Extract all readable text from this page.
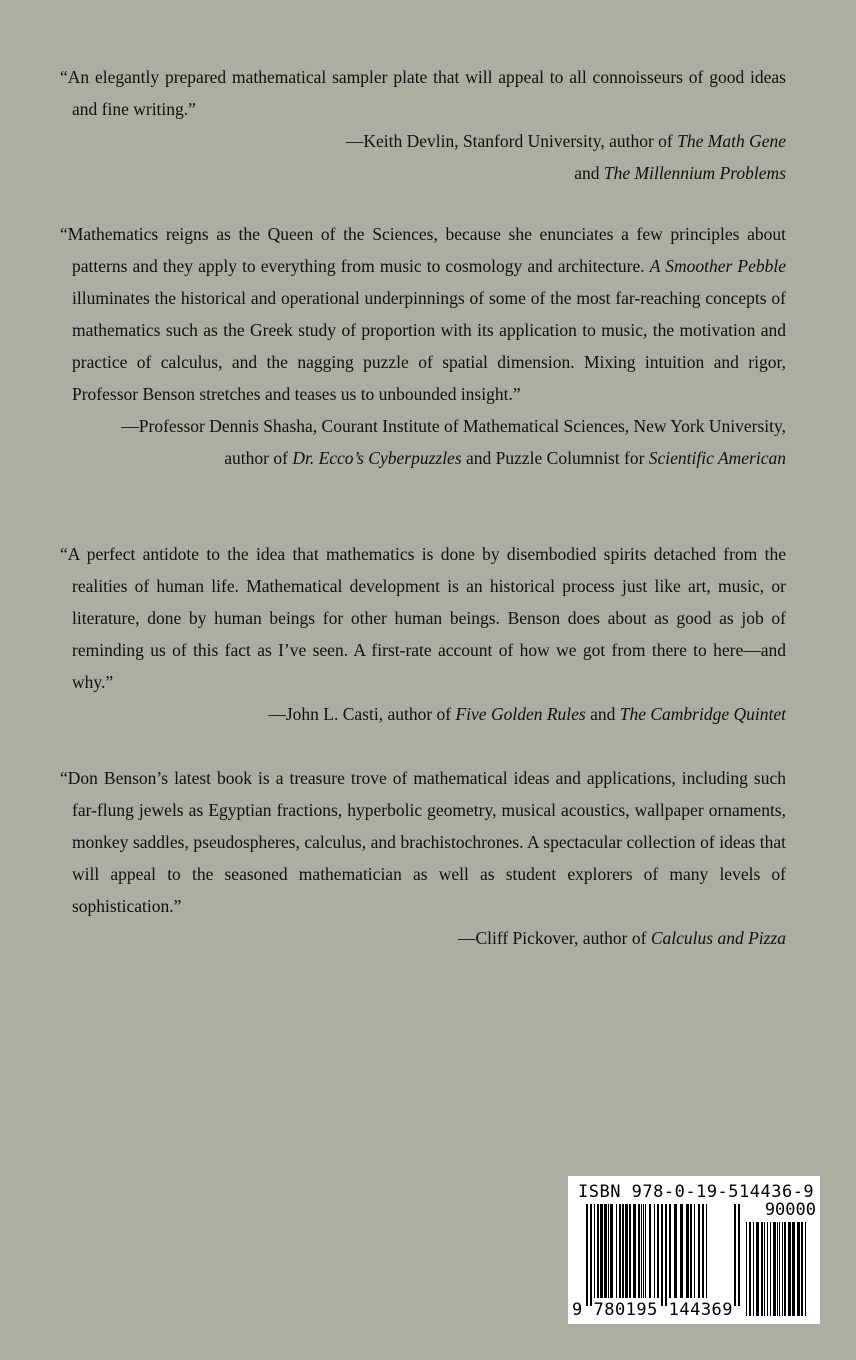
“An elegantly prepared mathematical sampler plate that will appeal to all connoisseurs of good ideas and fine writing.”

—Keith Devlin, Stanford University, author of The Math Gene

and The Millennium Problems

“Mathematics reigns as the Queen of the Sciences, because she enunciates a few principles about patterns and they apply to everything from music to cosmology and architecture. A Smoother Pebble illuminates the historical and operational underpinnings of some of the most far-reaching concepts of mathematics such as the Greek study of proportion with its application to music, the motivation and practice of calculus, and the nagging puzzle of spatial dimension. Mixing intuition and rigor, Professor Benson stretches and teases us to unbounded insight.”

—Professor Dennis Shasha, Courant Institute of Mathematical Sciences, New York University, author of Dr. Ecco’s Cyberpuzzles and Puzzle Columnist for Scientific American

“A perfect antidote to the idea that mathematics is done by disembodied spirits detached from the realities of human life. Mathematical development is an historical process just like art, music, or literature, done by human beings for other human beings. Benson does about as good as job of reminding us of this fact as I’ve seen. A first-rate account of how we got from there to here—and why.”

—John L. Casti, author of Five Golden Rules and The Cambridge Quintet

“Don Benson’s latest book is a treasure trove of mathematical ideas and applications, including such far-flung jewels as Egyptian fractions, hyperbolic geometry, musical acoustics, wallpaper ornaments, monkey saddles, pseudospheres, calculus, and brachistochrones. A spectacular collection of ideas that will appeal to the seasoned mathematician as well as student explorers of many levels of sophistication.”

—Cliff Pickover, author of Calculus and Pizza

ISBN 978-0-19-514436-9
90000
9 780195 144369
